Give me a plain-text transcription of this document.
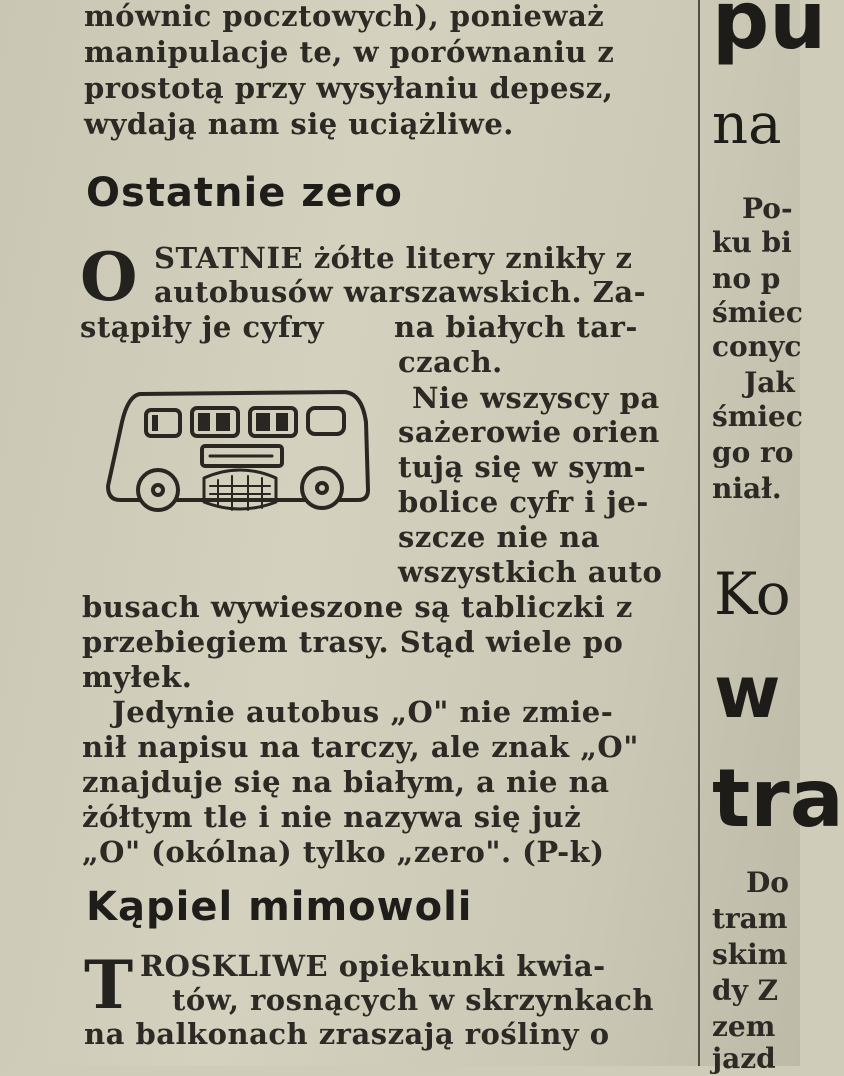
mównic pocztowych), ponieważ
manipulacje te, w porównaniu z
prostotą przy wysyłaniu depesz,
wydają nam się uciążliwe.
Ostatnie zero
O STATNIE żółte litery znikły z
autobusów warszawskich. Za-
stąpiły je cyfry na białych tar-
czach.
Nie wszyscy pa
sażerowie orien
tują się w sym-
bolice cyfr i je-
szcze nie na
wszystkich auto
busach wywieszone są tabliczki z
przebiegiem trasy. Stąd wiele po
myłek.
Jedynie autobus „O" nie zmie-
nił napisu na tarczy, ale znak „O"
znajduje się na białym, a nie na
żółtym tle i nie nazywa się już
„O" (okólna) tylko „zero". (P-k)
Kąpiel mimowoli
T ROSKLIWE opiekunki kwia-
tów, rosnących w skrzynkach
na balkonach zraszają rośliny o
pu
na
Po-
ku bi
no p
śmiec
conyc
Jak
śmiec
go ro
niał.
Ko
w
tra
Do
tram
skim
dy Z
zem
jazd
